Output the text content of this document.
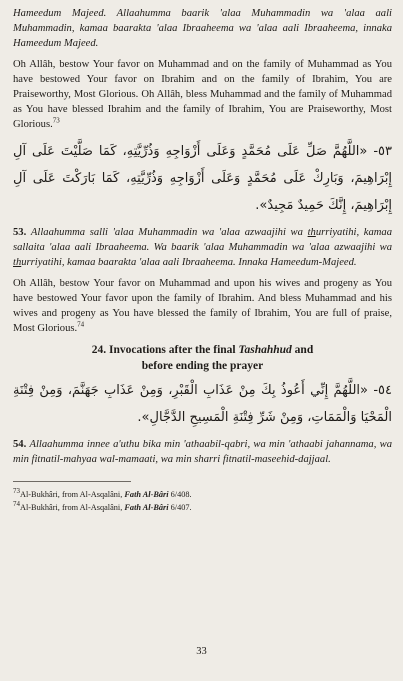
Hameedum Majeed. Allaahumma baarik 'alaa Muhammadin wa 'alaa aali Muhammadin, kamaa baarakta 'alaa Ibraaheema wa 'alaa aali Ibraaheema, innaka Hameedum Majeed.

Oh Allâh, bestow Your favor on Muhammad and on the family of Muhammad as You have bestowed Your favor on Ibrahim and on the family of Ibrahim, You are Praiseworthy, Most Glorious. Oh Allâh, bless Muhammad and the family of Muhammad as You have blessed Ibrahim and the family of Ibrahim, You are Praiseworthy, Most Glorious.$^{73}$

٥٣- «اللَّهُمَّ صَلِّ عَلَى مُحَمَّدٍ وَعَلَى أَزْوَاجِهِ وَذُرِّيَّتِهِ، كَمَا صَلَّيْتَ عَلَى آلِ إِبْرَاهِيمَ، وَبَارِكْ عَلَى مُحَمَّدٍ وَعَلَى أَزْوَاجِهِ وَذُرِّيَّتِهِ، كَمَا بَارَكْتَ عَلَى آلِ إِبْرَاهِيمَ، إِنَّكَ حَمِيدٌ مَجِيدٌ».

53. Allaahumma salli 'alaa Muhammadin wa 'alaa azwaajihi wa thurriyatihi, kamaa sallaita 'alaa aali Ibraaheema. Wa baarik 'alaa Muhammadin wa 'alaa azwaajihi wa thurriyatihi, kamaa baarakta 'alaa aali Ibraaheema. Innaka Hameedum-Majeed.

Oh Allâh, bestow Your favor on Muhammad and upon his wives and progeny as You have bestowed Your favor upon the family of Ibrahim. And bless Muhammad and his wives and progeny as You have blessed the family of Ibrahim, You are full of praise, Most Glorious.$^{74}$

24. Invocations after the final Tashahhud and
before ending the prayer
٥٤- «اللَّهُمَّ إِنِّي أَعُوذُ بِكَ مِنْ عَذَابِ الْقَبْرِ، وَمِنْ عَذَابِ جَهَنَّمَ، وَمِنْ فِتْنَةِ الْمَحْيَا وَالْمَمَاتِ، وَمِنْ شَرِّ فِتْنَةِ الْمَسِيحِ الدَّجَّالِ».

54. Allaahumma innee a'uthu bika min 'athaabil-qabri, wa min 'athaabi jahannama, wa min fitnatil-mahyaa wal-mamaati, wa min sharri fitnatil-maseehid-dajjaal.

$^{73}$Al-Bukhâri, from Al-Asqalâni, Fath Al-Bâri 6/408.

$^{74}$Al-Bukhâri, from Al-Asqalâni, Fath Al-Bâri 6/407.

33
